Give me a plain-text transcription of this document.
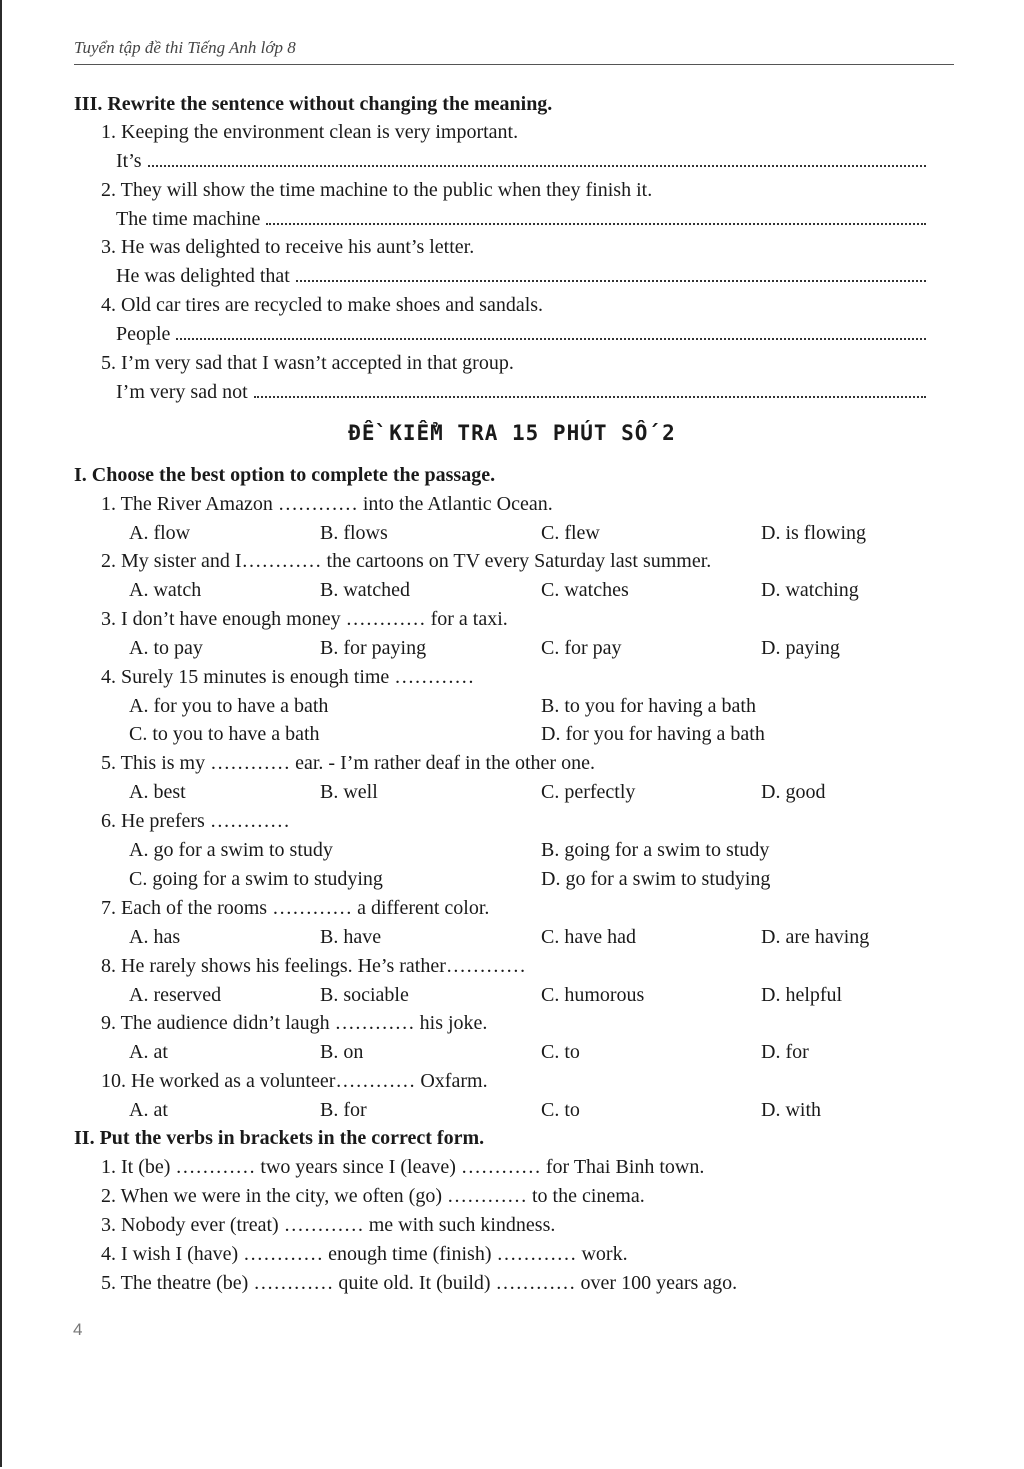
Tuyển tập đề thi Tiếng Anh lớp 8
III. Rewrite the sentence without changing the meaning.
1. Keeping the environment clean is very important.
It’s
2. They will show the time machine to the public when they finish it.
The time machine
3. He was delighted to receive his aunt’s letter.
He was delighted that
4. Old car tires are recycled to make shoes and sandals.
People
5. I’m very sad that I wasn’t accepted in that group.
I’m very sad not
ĐỀ KIỂM TRA 15 PHÚT SỐ 2
I. Choose the best option to complete the passage.
1. The River Amazon ………… into the Atlantic Ocean.
A. flow	B. flows	C. flew	D. is flowing
2. My sister and I………… the cartoons on TV every Saturday last summer.
A. watch	B. watched	C. watches	D. watching
3. I don’t have enough money ………… for a taxi.
A. to pay	B. for paying	C. for pay	D. paying
4. Surely 15 minutes is enough time …………
A. for you to have a bath	B. to you for having a bath
C. to you to have a bath	D. for you for having a bath
5. This is my ………… ear. - I’m rather deaf in the other one.
A. best	B. well	C. perfectly	D. good
6. He prefers …………
A. go for a swim to study	B. going for a swim to study
C. going for a swim to studying	D. go for a swim to studying
7. Each of the rooms ………… a different color.
A. has	B. have	C. have had	D. are having
8. He rarely shows his feelings. He’s rather…………
A. reserved	B. sociable	C. humorous	D. helpful
9. The audience didn’t laugh ………… his joke.
A. at	B. on	C. to	D. for
10. He worked as a volunteer………… Oxfarm.
A. at	B. for	C. to	D. with
II. Put the verbs in brackets in the correct form.
1. It (be) ………… two years since I (leave) ………… for Thai Binh town.
2. When we were in the city, we often (go) ………… to the cinema.
3. Nobody ever (treat) ………… me with such kindness.
4. I wish I (have) ………… enough time (finish) ………… work.
5. The theatre (be) ………… quite old. It (build) ………… over 100 years ago.
4
